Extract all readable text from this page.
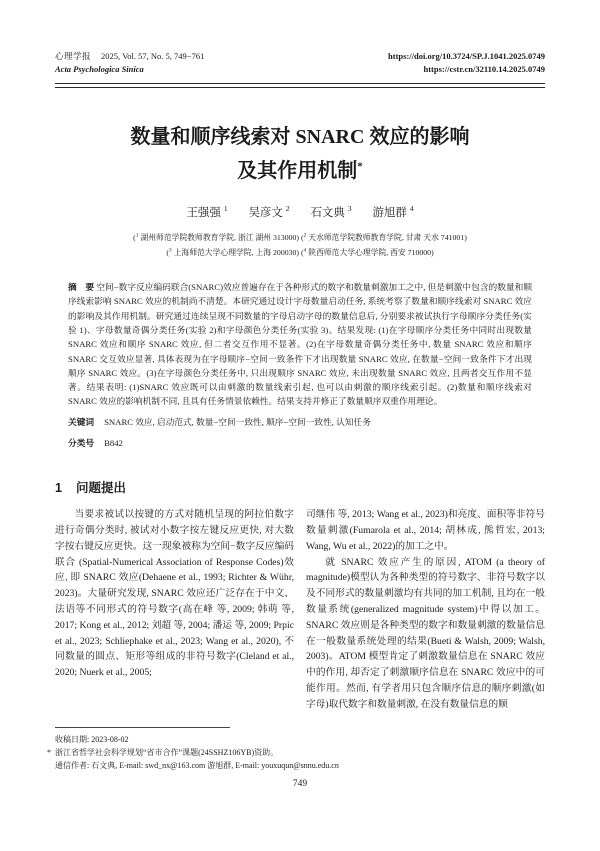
心理学报 2025, Vol. 57, No. 5, 749−761
Acta Psychologica Sinica
https://doi.org/10.3724/SP.J.1041.2025.0749
https://cstr.cn/32110.14.2025.0749
数量和顺序线索对 SNARC 效应的影响
及其作用机制*
王强强 $^1$ 吴彦文 $^2$ 石文典 $^3$ 游旭群 $^4$
($^1$ 湖州师范学院教师教育学院, 浙江 湖州 313000) ($^2$ 天水师范学院教师教育学院, 甘肃 天水 741001)
($^3$ 上海师范大学心理学院, 上海 200030) ($^4$ 陕西师范大学心理学院, 西安 710000)
摘　要 空间−数字反应编码联合(SNARC)效应普遍存在于各种形式的数字和数量刺激加工之中, 但是刺激中包含的数量和顺序线索影响 SNARC 效应的机制尚不清楚。本研究通过设计字母数量启动任务, 系统考察了数量和顺序线索对 SNARC 效应的影响及其作用机制。研究通过连续呈现不同数量的字母启动字母的数量信息后, 分别要求被试执行字母顺序分类任务(实验 1)、字母数量奇偶分类任务(实验 2)和字母颜色分类任务(实验 3)。结果发现: (1)在字母顺序分类任务中同时出现数量 SNARC 效应和顺序 SNARC 效应, 但二者交互作用不显著。(2)在字母数量奇偶分类任务中, 数量 SNARC 效应和顺序 SNARC 交互效应显著, 具体表现为在字母顺序−空间一致条件下才出现数量 SNARC 效应, 在数量−空间一致条件下才出现顺序 SNARC 效应。(3)在字母颜色分类任务中, 只出现顺序 SNARC 效应, 未出现数量 SNARC 效应, 且两者交互作用不显著。结果表明: (1)SNARC 效应既可以由刺激的数量线索引起, 也可以由刺激的顺序线索引起。(2)数量和顺序线索对 SNARC 效应的影响机制不同, 且具有任务情景依赖性。结果支持并修正了数量顺序双重作用理论。
关键词 SNARC 效应, 启动范式, 数量−空间一致性, 顺序−空间一致性, 认知任务
分类号 B842
1 问题提出

当要求被试以按键的方式对随机呈现的阿拉伯数字进行奇偶分类时, 被试对小数字按左键反应更快, 对大数字按右键反应更快。这一现象被称为空间−数字反应编码联合 (Spatial-Numerical Association of Response Codes)效应, 即 SNARC 效应(Dehaene et al., 1993; Richter & Wühr, 2023)。大量研究发现, SNARC 效应还广泛存在于中文、法语等不同形式的符号数字(高在峰 等, 2009; 韩萌 等, 2017; Kong et al., 2012; 刘超 等, 2004; 潘运 等, 2009; Prpic et al., 2023; Schliephake et al., 2023; Wang et al., 2020), 不同数量的圆点、矩形等组成的非符号数字(Cleland et al., 2020; Nuerk et al., 2005;

司继伟 等, 2013; Wang et al., 2023)和亮度、面积等非符号数量刺激(Fumarola et al., 2014; 胡林成, 熊哲宏, 2013; Wang, Wu et al., 2022)的加工之中。

就 SNARC 效应产生的原因, ATOM (a theory of magnitude)模型认为各种类型的符号数字、非符号数字以及不同形式的数量刺激均有共同的加工机制, 且均在一般数量系统(generalized magnitude system)中得以加工。SNARC 效应则是各种类型的数字和数量刺激的数量信息在一般数量系统处理的结果(Bueti & Walsh, 2009; Walsh, 2003)。ATOM 模型肯定了刺激数量信息在 SNARC 效应中的作用, 却否定了刺激顺序信息在 SNARC 效应中的可能作用。然而, 有学者用只包含顺序信息的顺序刺激(如字母)取代数字和数量刺激, 在没有数量信息的顺

收稿日期: 2023-08-02

* 浙江省哲学社会科学规划“省市合作”课题(24SSHZ106YB)资助。

通信作者: 石文典, E-mail: swd_nx@163.com 游旭群, E-mail: youxuqun@snnu.edu.cn

749
